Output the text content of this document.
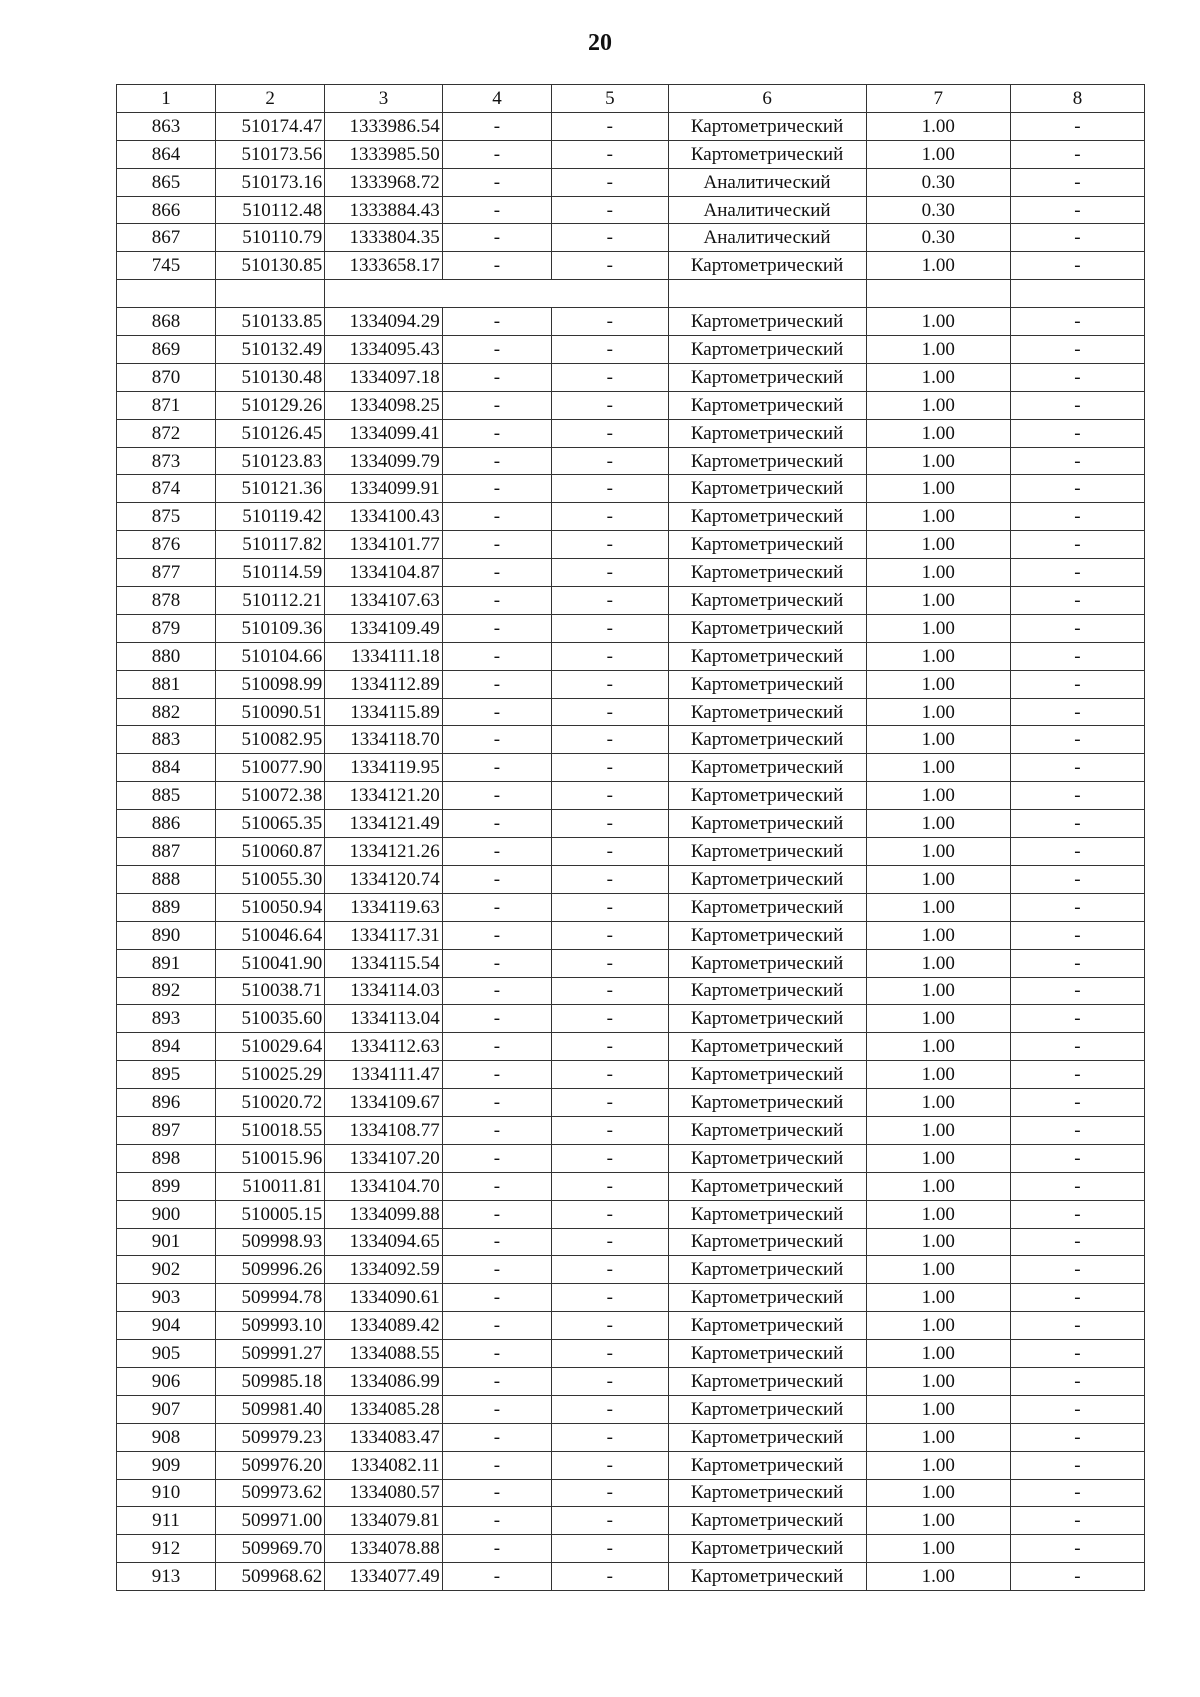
20
1	2	3	4	5	6	7	8
863	510174.47	1333986.54	-	-	Картометрический	1.00	-
864	510173.56	1333985.50	-	-	Картометрический	1.00	-
865	510173.16	1333968.72	-	-	Аналитический	0.30	-
866	510112.48	1333884.43	-	-	Аналитический	0.30	-
867	510110.79	1333804.35	-	-	Аналитический	0.30	-
745	510130.85	1333658.17	-	-	Картометрический	1.00	-

868	510133.85	1334094.29	-	-	Картометрический	1.00	-
869	510132.49	1334095.43	-	-	Картометрический	1.00	-
870	510130.48	1334097.18	-	-	Картометрический	1.00	-
871	510129.26	1334098.25	-	-	Картометрический	1.00	-
872	510126.45	1334099.41	-	-	Картометрический	1.00	-
873	510123.83	1334099.79	-	-	Картометрический	1.00	-
874	510121.36	1334099.91	-	-	Картометрический	1.00	-
875	510119.42	1334100.43	-	-	Картометрический	1.00	-
876	510117.82	1334101.77	-	-	Картометрический	1.00	-
877	510114.59	1334104.87	-	-	Картометрический	1.00	-
878	510112.21	1334107.63	-	-	Картометрический	1.00	-
879	510109.36	1334109.49	-	-	Картометрический	1.00	-
880	510104.66	1334111.18	-	-	Картометрический	1.00	-
881	510098.99	1334112.89	-	-	Картометрический	1.00	-
882	510090.51	1334115.89	-	-	Картометрический	1.00	-
883	510082.95	1334118.70	-	-	Картометрический	1.00	-
884	510077.90	1334119.95	-	-	Картометрический	1.00	-
885	510072.38	1334121.20	-	-	Картометрический	1.00	-
886	510065.35	1334121.49	-	-	Картометрический	1.00	-
887	510060.87	1334121.26	-	-	Картометрический	1.00	-
888	510055.30	1334120.74	-	-	Картометрический	1.00	-
889	510050.94	1334119.63	-	-	Картометрический	1.00	-
890	510046.64	1334117.31	-	-	Картометрический	1.00	-
891	510041.90	1334115.54	-	-	Картометрический	1.00	-
892	510038.71	1334114.03	-	-	Картометрический	1.00	-
893	510035.60	1334113.04	-	-	Картометрический	1.00	-
894	510029.64	1334112.63	-	-	Картометрический	1.00	-
895	510025.29	1334111.47	-	-	Картометрический	1.00	-
896	510020.72	1334109.67	-	-	Картометрический	1.00	-
897	510018.55	1334108.77	-	-	Картометрический	1.00	-
898	510015.96	1334107.20	-	-	Картометрический	1.00	-
899	510011.81	1334104.70	-	-	Картометрический	1.00	-
900	510005.15	1334099.88	-	-	Картометрический	1.00	-
901	509998.93	1334094.65	-	-	Картометрический	1.00	-
902	509996.26	1334092.59	-	-	Картометрический	1.00	-
903	509994.78	1334090.61	-	-	Картометрический	1.00	-
904	509993.10	1334089.42	-	-	Картометрический	1.00	-
905	509991.27	1334088.55	-	-	Картометрический	1.00	-
906	509985.18	1334086.99	-	-	Картометрический	1.00	-
907	509981.40	1334085.28	-	-	Картометрический	1.00	-
908	509979.23	1334083.47	-	-	Картометрический	1.00	-
909	509976.20	1334082.11	-	-	Картометрический	1.00	-
910	509973.62	1334080.57	-	-	Картометрический	1.00	-
911	509971.00	1334079.81	-	-	Картометрический	1.00	-
912	509969.70	1334078.88	-	-	Картометрический	1.00	-
913	509968.62	1334077.49	-	-	Картометрический	1.00	-
